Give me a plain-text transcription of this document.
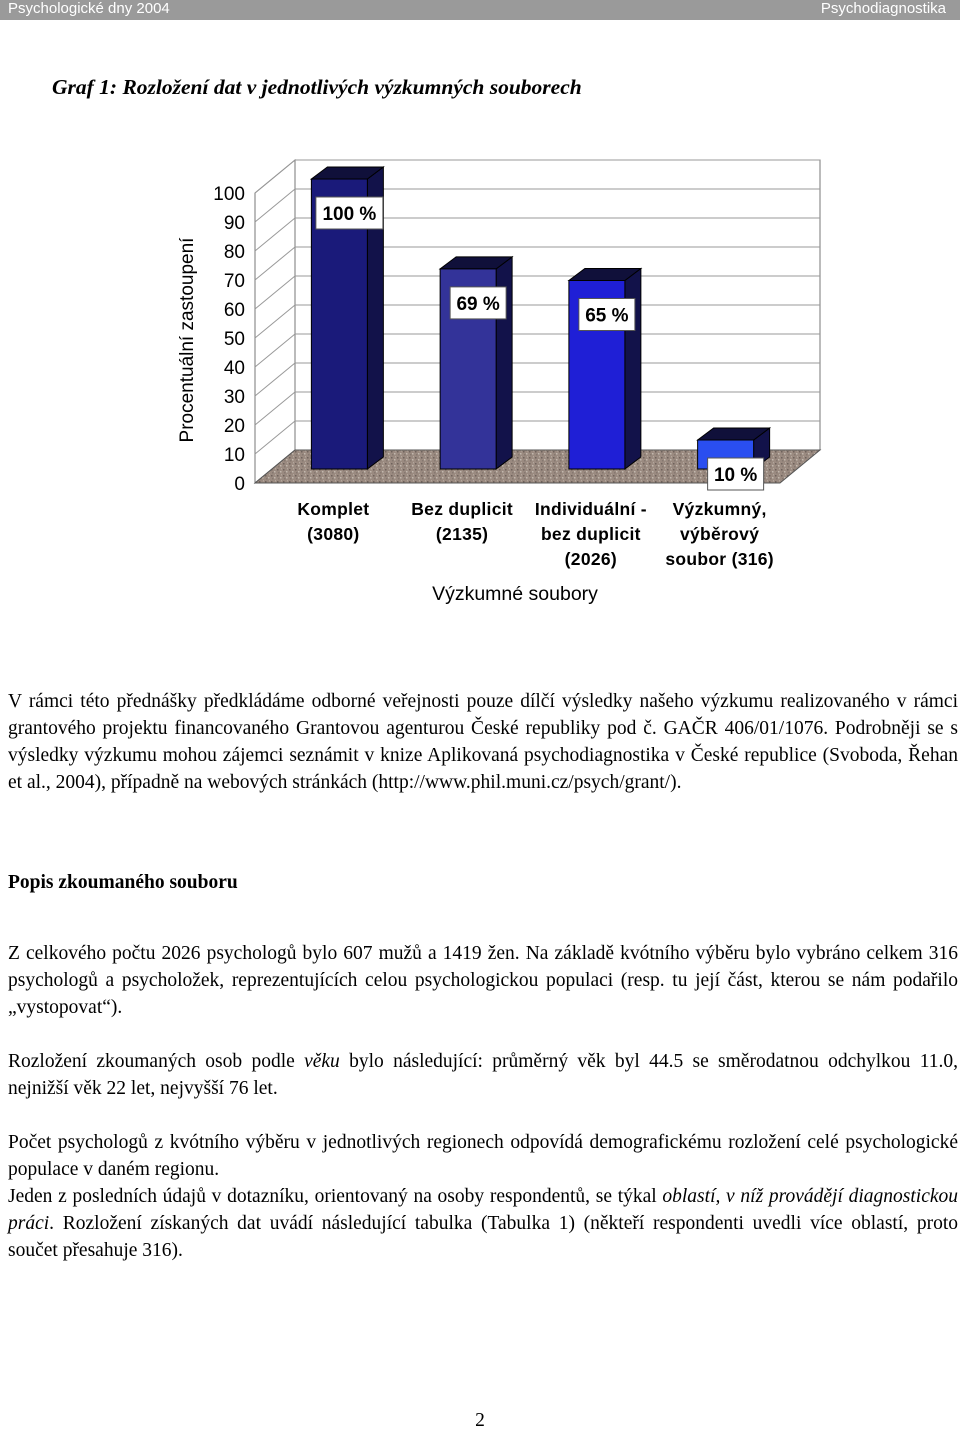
Psychologické dny 2004	Psychodiagnostika
Graf 1: Rozložení dat v jednotlivých výzkumných souborech
0
10
20
30
40
50
60
70
80
90
100
100 %
Komplet
(3080)
69 %
Bez duplicit
(2135)
65 %
Individuální -
bez duplicit
(2026)
10 %
Výzkumný,
výběrový
soubor (316)
Výzkumné soubory
Procentuální zastoupení

V rámci této přednášky předkládáme odborné veřejnosti pouze dílčí výsledky našeho výzkumu realizovaného v rámci grantového projektu financovaného Grantovou agenturou České republiky pod č. GAČR 406/01/1076. Podrobněji se s výsledky výzkumu mohou zájemci seznámit v knize Aplikovaná psychodiagnostika v České republice (Svoboda, Řehan et al., 2004), případně na webových stránkách (http://www.phil.muni.cz/psych/grant/).

Popis zkoumaného souboru

Z celkového počtu 2026 psychologů bylo 607 mužů a 1419 žen. Na základě kvótního výběru bylo vybráno celkem 316 psychologů a psycholožek, reprezentujících celou psychologickou populaci (resp. tu její část, kterou se nám podařilo „vystopovat“).

Rozložení zkoumaných osob podle věku bylo následující: průměrný věk byl 44.5 se směrodatnou odchylkou 11.0, nejnižší věk 22 let, nejvyšší 76 let.

Počet psychologů z kvótního výběru v jednotlivých regionech odpovídá demografickému rozložení celé psychologické populace v daném regionu.

Jeden z posledních údajů v dotazníku, orientovaný na osoby respondentů, se týkal oblastí, v níž provádějí diagnostickou práci. Rozložení získaných dat uvádí následující tabulka (Tabulka 1) (někteří respondenti uvedli více oblastí, proto součet přesahuje 316).

2
